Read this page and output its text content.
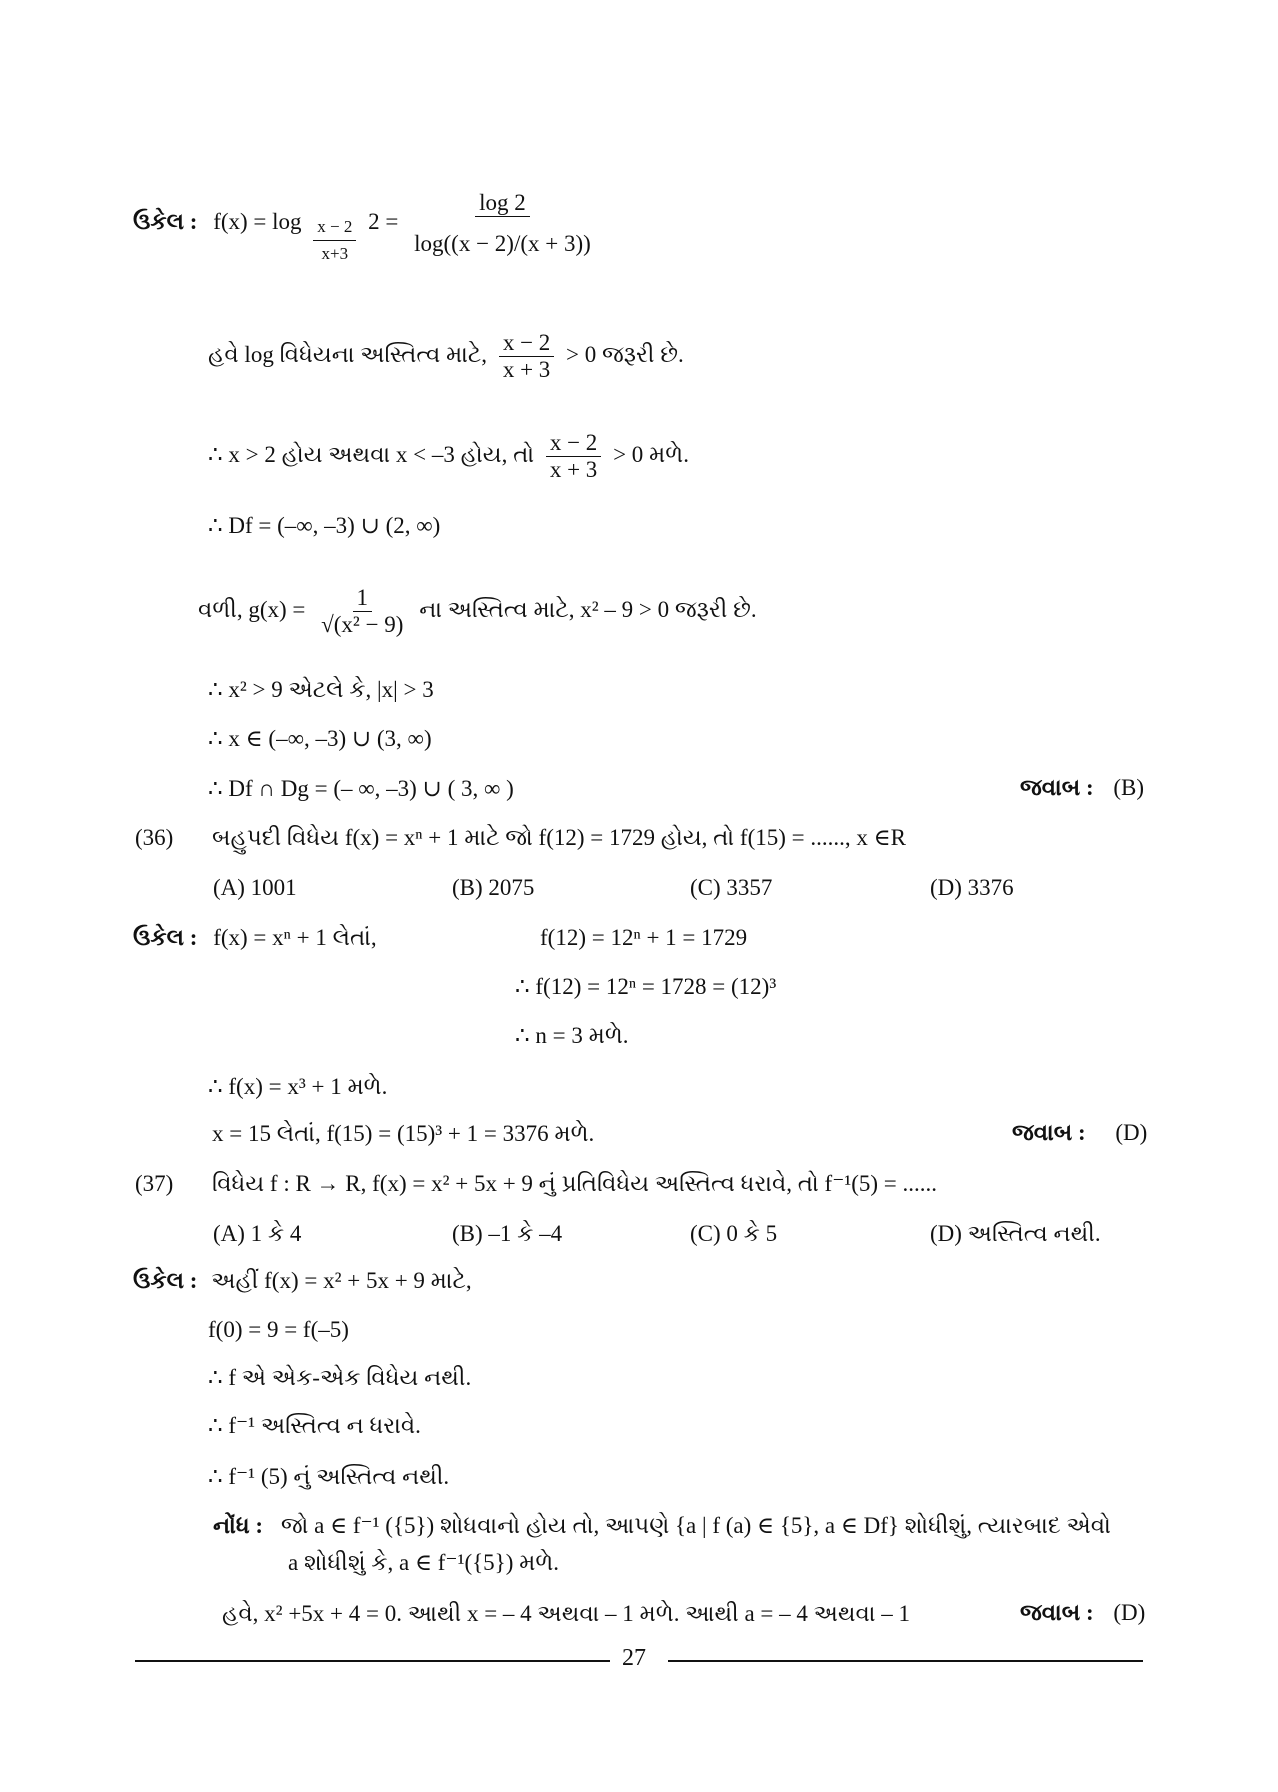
ઉકેલ : $f(x) = \log \frac{x - 2}{x+3} 2 = \frac{\log 2}{\log((x - 2)/(x + 3))}$
હવે log વિધેયના અસ્તિત્વ માટે, $\frac{x - 2}{x + 3} > 0$ જરૂરી છે.
∴ x > 2 હોય અથવા x < –3 હોય, તો $\frac{x - 2}{x + 3} > 0$ મળે.
∴ Df = (–∞, –3) ∪ (2, ∞)
વળી, $g(x) = \frac{1}{\text{√(x² − 9)}}$ ના અસ્તિત્વ માટે, x² – 9 > 0 જરૂરી છે.
∴ x² > 9 એટલે કે, |x| > 3
∴ x ∈ (–∞, –3) ∪ (3, ∞)
∴ Df ∩ Dg = (– ∞, –3) ∪ ( 3, ∞ )	જવાબ : (B)
(36) બહુપદી વિધેય f(x) = xⁿ + 1 માટે જો f(12) = 1729 હોય, તો f(15) = ......, x ∈R
(A) 1001	(B) 2075	(C) 3357	(D) 3376
ઉકેલ : f(x) = xⁿ + 1 લેતાં,	f(12) = 12ⁿ + 1 = 1729
∴ f(12) = 12ⁿ = 1728 = (12)³
∴ n = 3 મળે.
∴ f(x) = x³ + 1 મળે.
x = 15 લેતાં, f(15) = (15)³ + 1 = 3376 મળે.	જવાબ : (D)
(37) વિધેય f : R → R, f(x) = x² + 5x + 9 નું પ્રતિવિધેય અસ્તિત્વ ધરાવે, તો f⁻¹(5) = ......
(A) 1 કે 4	(B) –1 કે –4	(C) 0 કે 5	(D) અસ્તિત્વ નથી.
ઉકેલ : અહીં f(x) = x² + 5x + 9 માટે,
f(0) = 9 = f(–5)
∴ f એ એક-એક વિધેય નથી.
∴ f⁻¹ અસ્તિત્વ ન ધરાવે.
∴ f⁻¹ (5) નું અસ્તિત્વ નથી.
નોંધ : જો a ∈ f⁻¹ ({5}) શોધવાનો હોય તો, આપણે {a | f (a) ∈ {5}, a ∈ Df} શોધીશું, ત્યારબાદ એવો
a શોધીશું કે, a ∈ f⁻¹({5}) મળે.
હવે, x² +5x + 4 = 0. આથી x = – 4 અથવા – 1 મળે. આથી a = – 4 અથવા – 1	જવાબ : (D)
27
